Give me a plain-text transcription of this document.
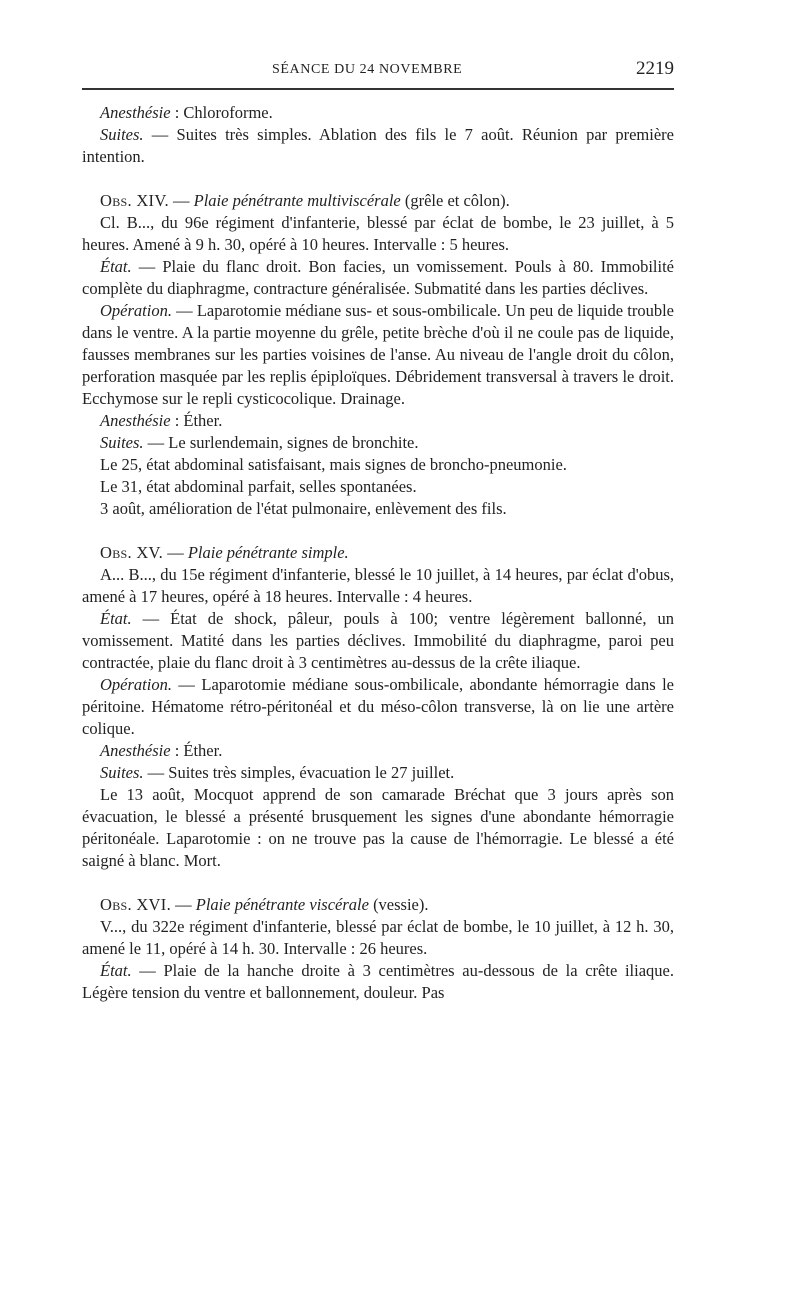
SÉANCE DU 24 NOVEMBRE	2219

Anesthésie : Chloroforme.

Suites. — Suites très simples. Ablation des fils le 7 août. Réunion par première intention.

Obs. XIV. — Plaie pénétrante multiviscérale (grêle et côlon).

Cl. B..., du 96e régiment d'infanterie, blessé par éclat de bombe, le 23 juillet, à 5 heures. Amené à 9 h. 30, opéré à 10 heures. Intervalle : 5 heures.

État. — Plaie du flanc droit. Bon facies, un vomissement. Pouls à 80. Immobilité complète du diaphragme, contracture généralisée. Submatité dans les parties déclives.

Opération. — Laparotomie médiane sus- et sous-ombilicale. Un peu de liquide trouble dans le ventre. A la partie moyenne du grêle, petite brèche d'où il ne coule pas de liquide, fausses membranes sur les parties voisines de l'anse. Au niveau de l'angle droit du côlon, perforation masquée par les replis épiploïques. Débridement transversal à travers le droit. Ecchymose sur le repli cysticocolique. Drainage.

Anesthésie : Éther.

Suites. — Le surlendemain, signes de bronchite.

Le 25, état abdominal satisfaisant, mais signes de broncho-pneumonie.

Le 31, état abdominal parfait, selles spontanées.

3 août, amélioration de l'état pulmonaire, enlèvement des fils.

Obs. XV. — Plaie pénétrante simple.

A... B..., du 15e régiment d'infanterie, blessé le 10 juillet, à 14 heures, par éclat d'obus, amené à 17 heures, opéré à 18 heures. Intervalle : 4 heures.

État. — État de shock, pâleur, pouls à 100; ventre légèrement ballonné, un vomissement. Matité dans les parties déclives. Immobilité du diaphragme, paroi peu contractée, plaie du flanc droit à 3 centimètres au-dessus de la crête iliaque.

Opération. — Laparotomie médiane sous-ombilicale, abondante hémorragie dans le péritoine. Hématome rétro-péritonéal et du méso-côlon transverse, là on lie une artère colique.

Anesthésie : Éther.

Suites. — Suites très simples, évacuation le 27 juillet.

Le 13 août, Mocquot apprend de son camarade Bréchat que 3 jours après son évacuation, le blessé a présenté brusquement les signes d'une abondante hémorragie péritonéale. Laparotomie : on ne trouve pas la cause de l'hémorragie. Le blessé a été saigné à blanc. Mort.

Obs. XVI. — Plaie pénétrante viscérale (vessie).

V..., du 322e régiment d'infanterie, blessé par éclat de bombe, le 10 juillet, à 12 h. 30, amené le 11, opéré à 14 h. 30. Intervalle : 26 heures.

État. — Plaie de la hanche droite à 3 centimètres au-dessous de la crête iliaque. Légère tension du ventre et ballonnement, douleur. Pas
